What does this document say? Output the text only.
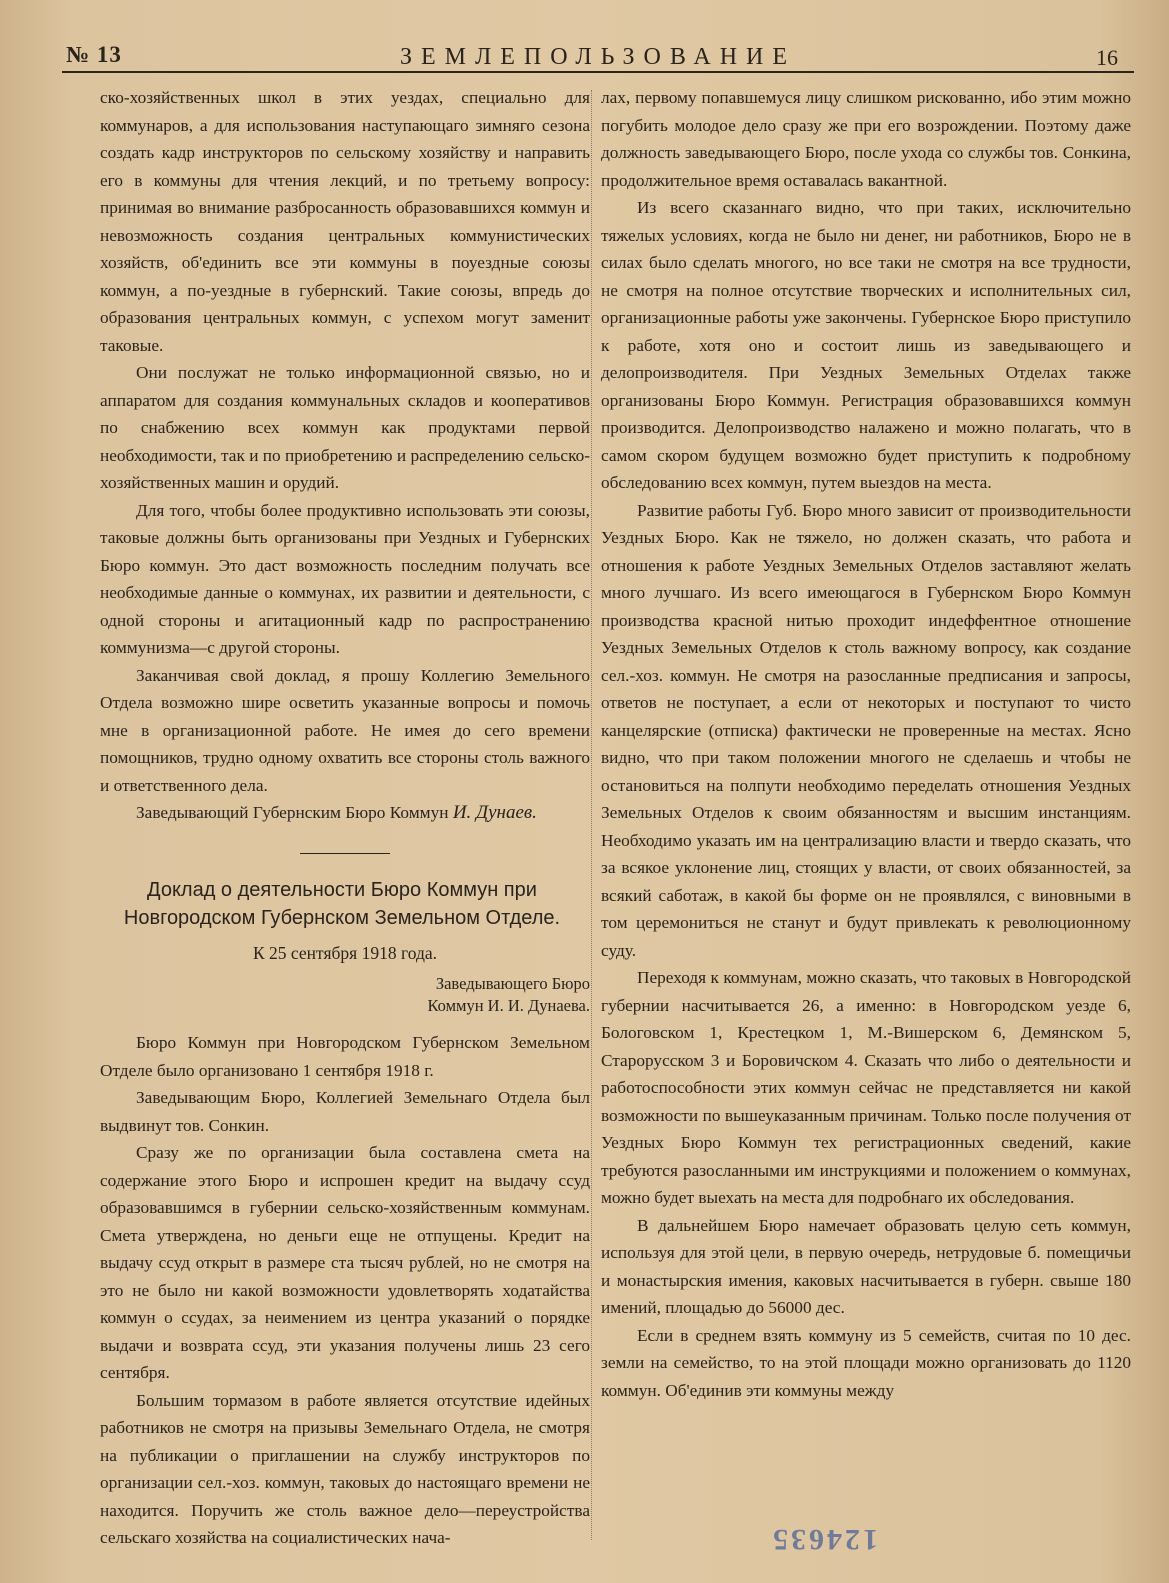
№ 13	ЗЕМЛЕПОЛЬЗОВАНИЕ	16

ско-хозяйственных школ в этих уездах, специально для коммунаров, а для использования наступающаго зимняго сезона создать кадр инструкторов по сельскому хозяйству и направить его в коммуны для чтения лекций, и по третьему вопросу: принимая во внимание разбросанность образовавшихся коммун и невозможность создания центральных коммунистических хозяйств, об'единить все эти коммуны в поуездные союзы коммун, а по-уездные в губернский. Такие союзы, впредь до образования центральных коммун, с успехом могут заменит таковые.

Они послужат не только информационной связью, но и аппаратом для создания коммунальных складов и кооперативов по снабжению всех коммун как продуктами первой необходимости, так и по приобретению и распределению сельско-хозяйственных машин и орудий.

Для того, чтобы более продуктивно использовать эти союзы, таковые должны быть организованы при Уездных и Губернских Бюро коммун. Это даст возможность последним получать все необходимые данные о коммунах, их развитии и деятельности, с одной стороны и агитационный кадр по распространению коммунизма—с другой стороны.

Заканчивая свой доклад, я прошу Коллегию Земельного Отдела возможно шире осветить указанные вопросы и помочь мне в организационной работе. Не имея до сего времени помощников, трудно одному охватить все стороны столь важного и ответственного дела.

Заведывающий Губернским Бюро Коммун И. Дунаев.

Доклад о деятельности Бюро Коммун при Новгородском Губернском Земельном Отделе.
К 25 сентября 1918 года.
Заведывающего Бюро
Коммун И. И. Дунаева.

Бюро Коммун при Новгородском Губернском Земельном Отделе было организовано 1 сентября 1918 г.

Заведывающим Бюро, Коллегией Земельнаго Отдела был выдвинут тов. Сонкин.

Сразу же по организации была составлена смета на содержание этого Бюро и испрошен кредит на выдачу ссуд образовавшимся в губернии сельско-хозяйственным коммунам. Смета утверждена, но деньги еще не отпущены. Кредит на выдачу ссуд открыт в размере ста тысяч рублей, но не смотря на это не было ни какой возможности удовлетворять ходатайства коммун о ссудах, за неимением из центра указаний о порядке выдачи и возврата ссуд, эти указания получены лишь 23 сего сентября.

Большим тормазом в работе является отсутствие идейных работников не смотря на призывы Земельнаго Отдела, не смотря на публикации о приглашении на службу инструкторов по организации сел.-хоз. коммун, таковых до настоящаго времени не находится. Поручить же столь важное дело—переустройства сельскаго хозяйства на социалистических нача-

лах, первому попавшемуся лицу слишком рискованно, ибо этим можно погубить молодое дело сразу же при его возрождении. Поэтому даже должность заведывающего Бюро, после ухода со службы тов. Сонкина, продолжительное время оставалась вакантной.

Из всего сказаннаго видно, что при таких, исключительно тяжелых условиях, когда не было ни денег, ни работников, Бюро не в силах было сделать многого, но все таки не смотря на все трудности, не смотря на полное отсутствие творческих и исполнительных сил, организационные работы уже закончены. Губернское Бюро приступило к работе, хотя оно и состоит лишь из заведывающего и делопроизводителя. При Уездных Земельных Отделах также организованы Бюро Коммун. Регистрация образовавшихся коммун производится. Делопроизводство налажено и можно полагать, что в самом скором будущем возможно будет приступить к подробному обследованию всех коммун, путем выездов на места.

Развитие работы Губ. Бюро много зависит от производительности Уездных Бюро. Как не тяжело, но должен сказать, что работа и отношения к работе Уездных Земельных Отделов заставляют желать много лучшаго. Из всего имеющагося в Губернском Бюро Коммун производства красной нитью проходит индеффентное отношение Уездных Земельных Отделов к столь важному вопросу, как создание сел.-хоз. коммун. Не смотря на разосланные предписания и запросы, ответов не поступает, а если от некоторых и поступают то чисто канцелярские (отписка) фактически не проверенные на местах. Ясно видно, что при таком положении многого не сделаешь и чтобы не остановиться на полпути необходимо переделать отношения Уездных Земельных Отделов к своим обязанностям и высшим инстанциям. Необходимо указать им на централизацию власти и твердо сказать, что за всякое уклонение лиц, стоящих у власти, от своих обязанностей, за всякий саботаж, в какой бы форме он не проявлялся, с виновными в том церемониться не станут и будут привлекать к революционному суду.

Переходя к коммунам, можно сказать, что таковых в Новгородской губернии насчитывается 26, а именно: в Новгородском уезде 6, Бологовском 1, Крестецком 1, М.-Вишерском 6, Демянском 5, Старорусском 3 и Боровичском 4. Сказать что либо о деятельности и работоспособности этих коммун сейчас не представляется ни какой возможности по вышеуказанным причинам. Только после получения от Уездных Бюро Коммун тех регистрационных сведений, какие требуются разосланными им инструкциями и положением о коммунах, можно будет выехать на места для подробнаго их обследования.

В дальнейшем Бюро намечает образовать целую сеть коммун, используя для этой цели, в первую очередь, нетрудовые б. помещичьи и монастырския имения, каковых насчитывается в губерн. свыше 180 имений, площадью до 56000 дес.

Если в среднем взять коммуну из 5 семейств, считая по 10 дес. земли на семейство, то на этой площади можно организовать до 1120 коммун. Об'единив эти коммуны между

124635
